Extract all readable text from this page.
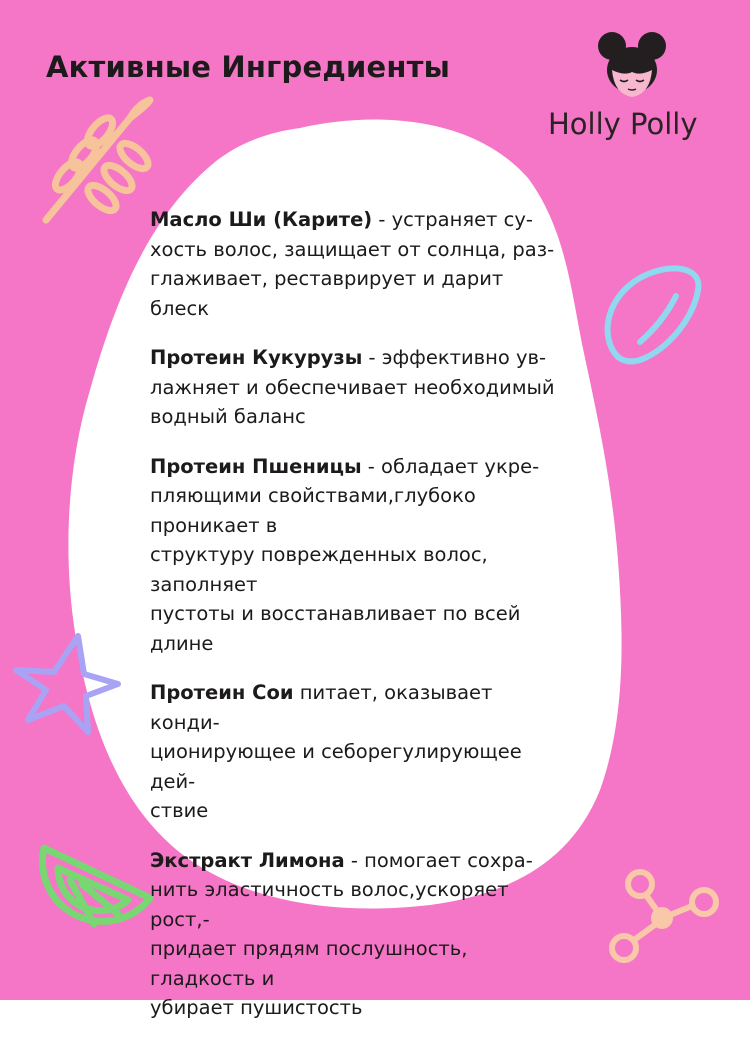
Активные Ингредиенты
Holly Polly

Масло Ши (Карите) - устраняет су-
хость волос, защищает от солнца, раз-
глаживает, реставрирует и дарит блеск

Протеин Кукурузы - эффективно ув-
лажняет и обеспечивает необходимый
водный баланс

Протеин Пшеницы - обладает укре-
пляющими свойствами,глубоко проникает в
структуру поврежденных волос, заполняет
пустоты и восстанавливает по всей длине

Протеин Сои питает, оказывает конди-
ционирующее и себорегулирующее дей-
ствие

Экстракт Лимона - помогает сохра-
нить эластичность волос,ускоряет рост,-
придает прядям послушность, гладкость и
убирает пушистость
